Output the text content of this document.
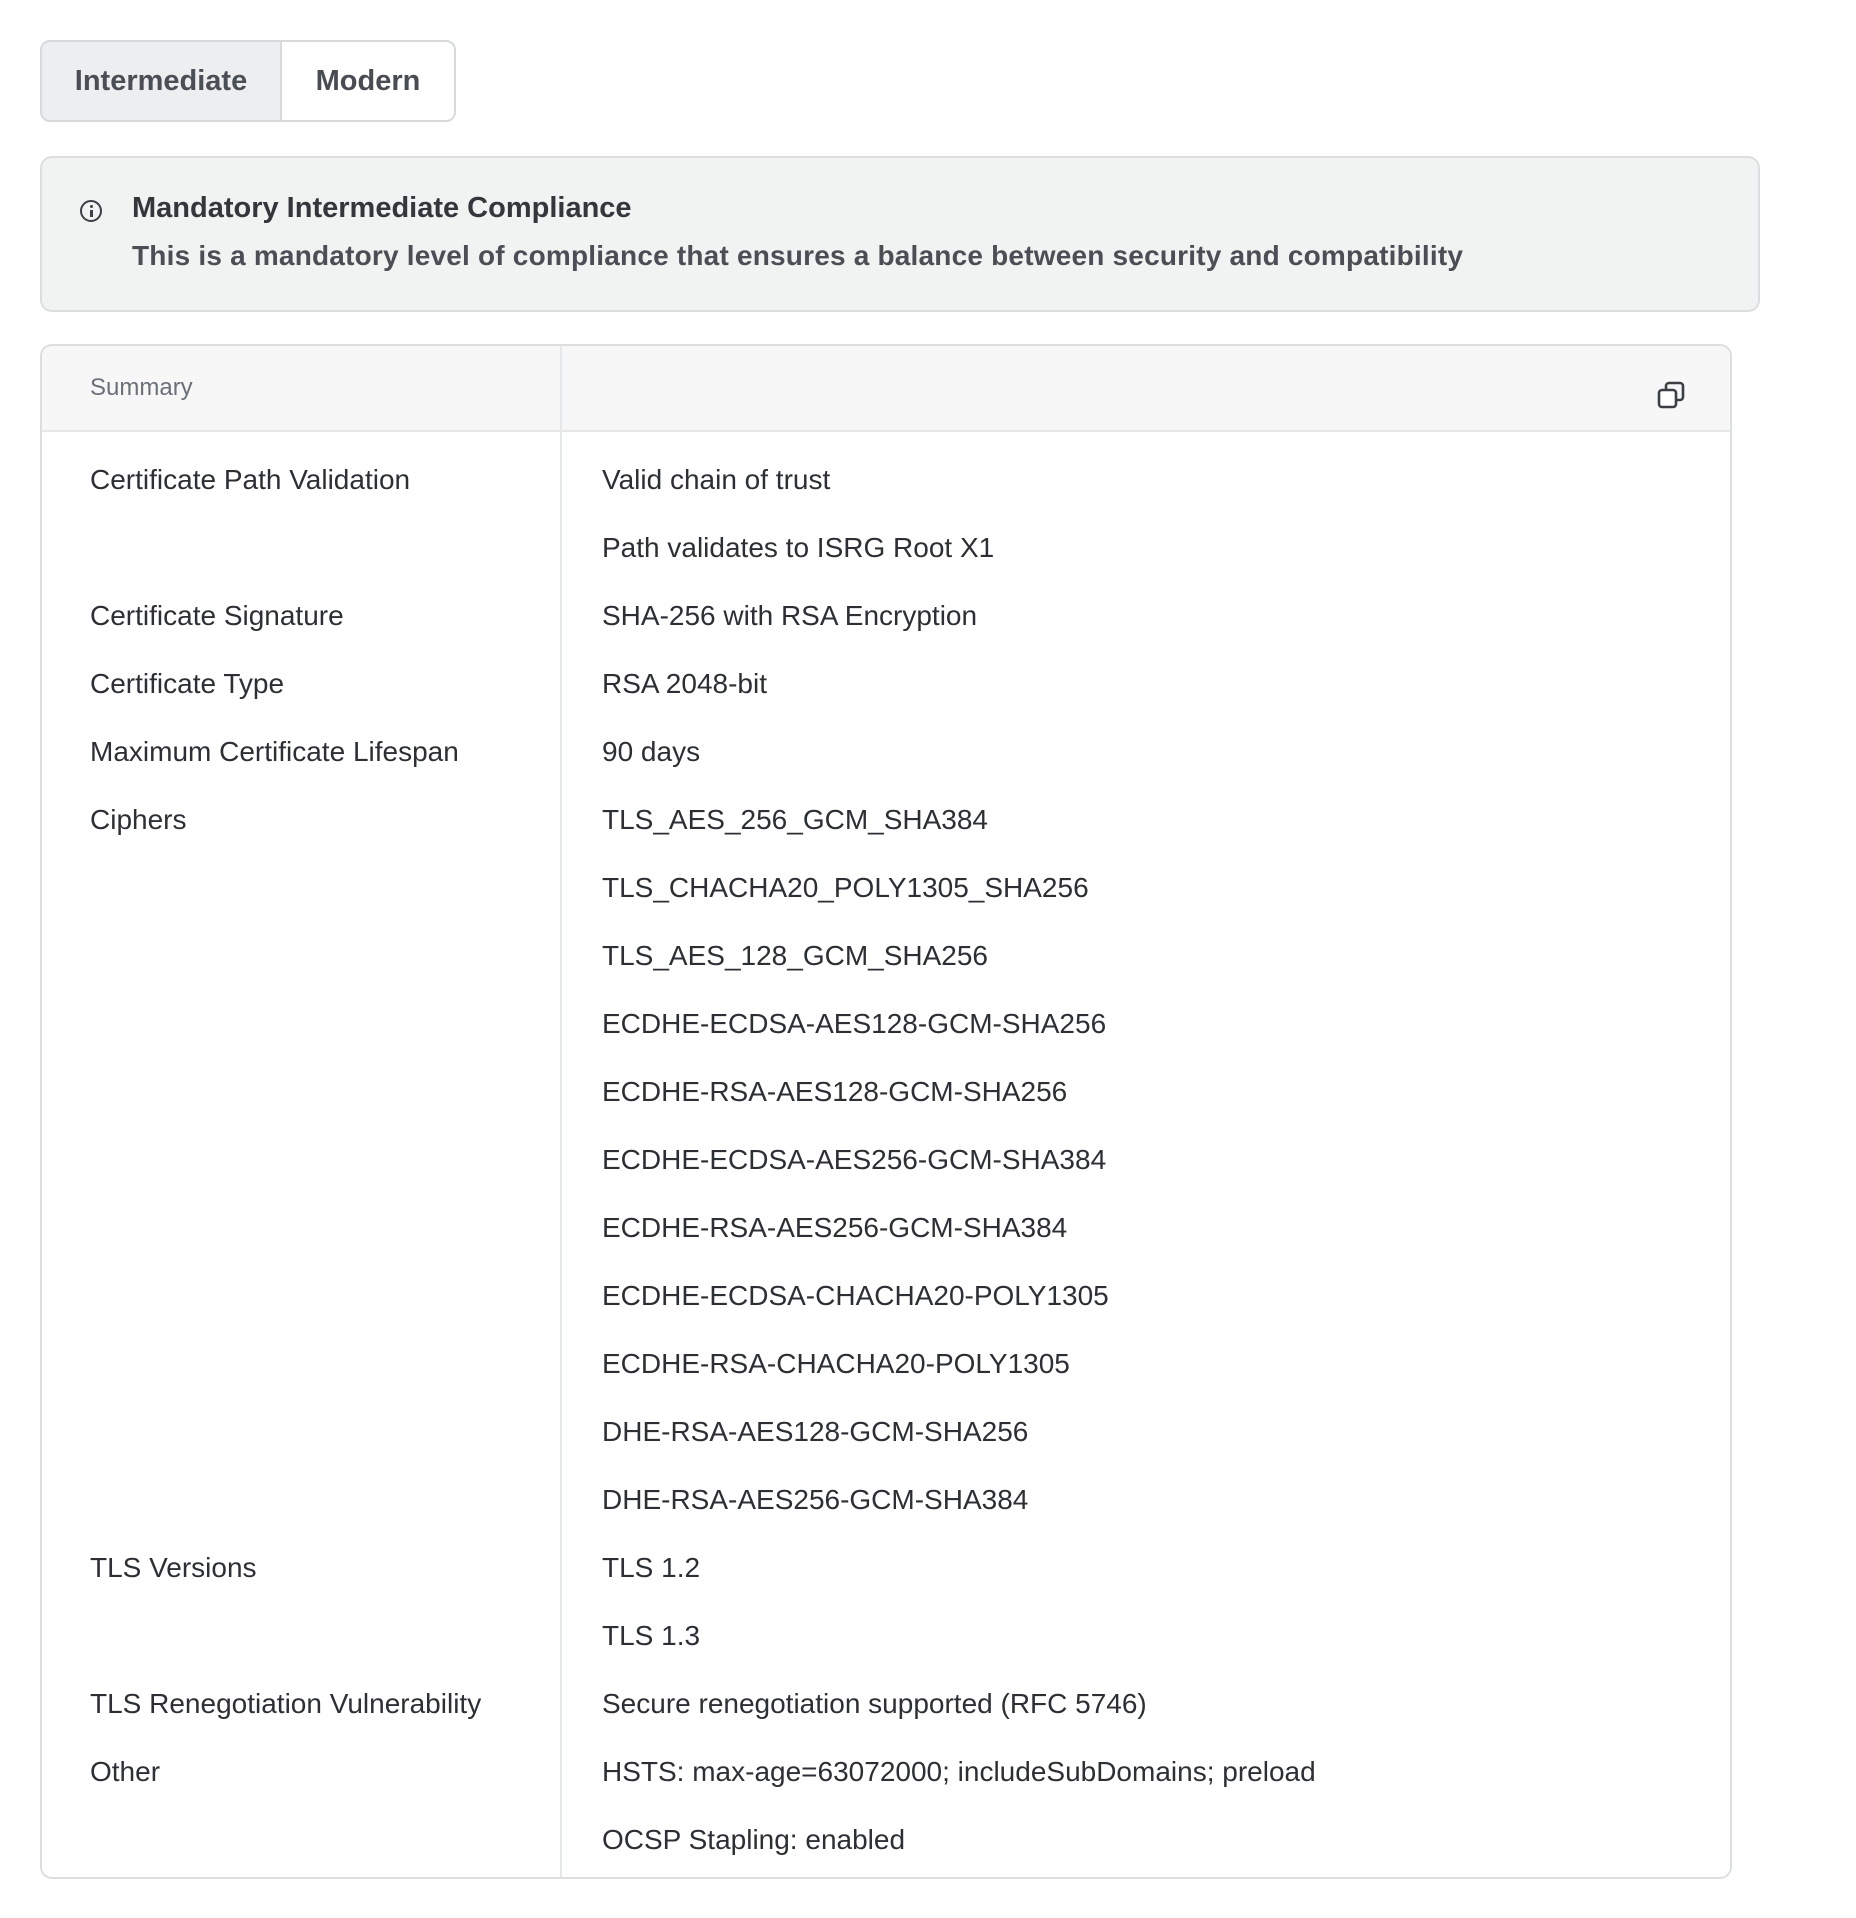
Intermediate	Modern
Mandatory Intermediate Compliance
This is a mandatory level of compliance that ensures a balance between security and compatibility
Summary
Certificate Path Validation
Certificate Signature
Certificate Type
Maximum Certificate Lifespan
Ciphers
TLS Versions
TLS Renegotiation Vulnerability
Other
Valid chain of trust
Path validates to ISRG Root X1
SHA-256 with RSA Encryption
RSA 2048-bit
90 days
TLS_AES_256_GCM_SHA384
TLS_CHACHA20_POLY1305_SHA256
TLS_AES_128_GCM_SHA256
ECDHE-ECDSA-AES128-GCM-SHA256
ECDHE-RSA-AES128-GCM-SHA256
ECDHE-ECDSA-AES256-GCM-SHA384
ECDHE-RSA-AES256-GCM-SHA384
ECDHE-ECDSA-CHACHA20-POLY1305
ECDHE-RSA-CHACHA20-POLY1305
DHE-RSA-AES128-GCM-SHA256
DHE-RSA-AES256-GCM-SHA384
TLS 1.2
TLS 1.3
Secure renegotiation supported (RFC 5746)
HSTS: max-age=63072000; includeSubDomains; preload
OCSP Stapling: enabled
